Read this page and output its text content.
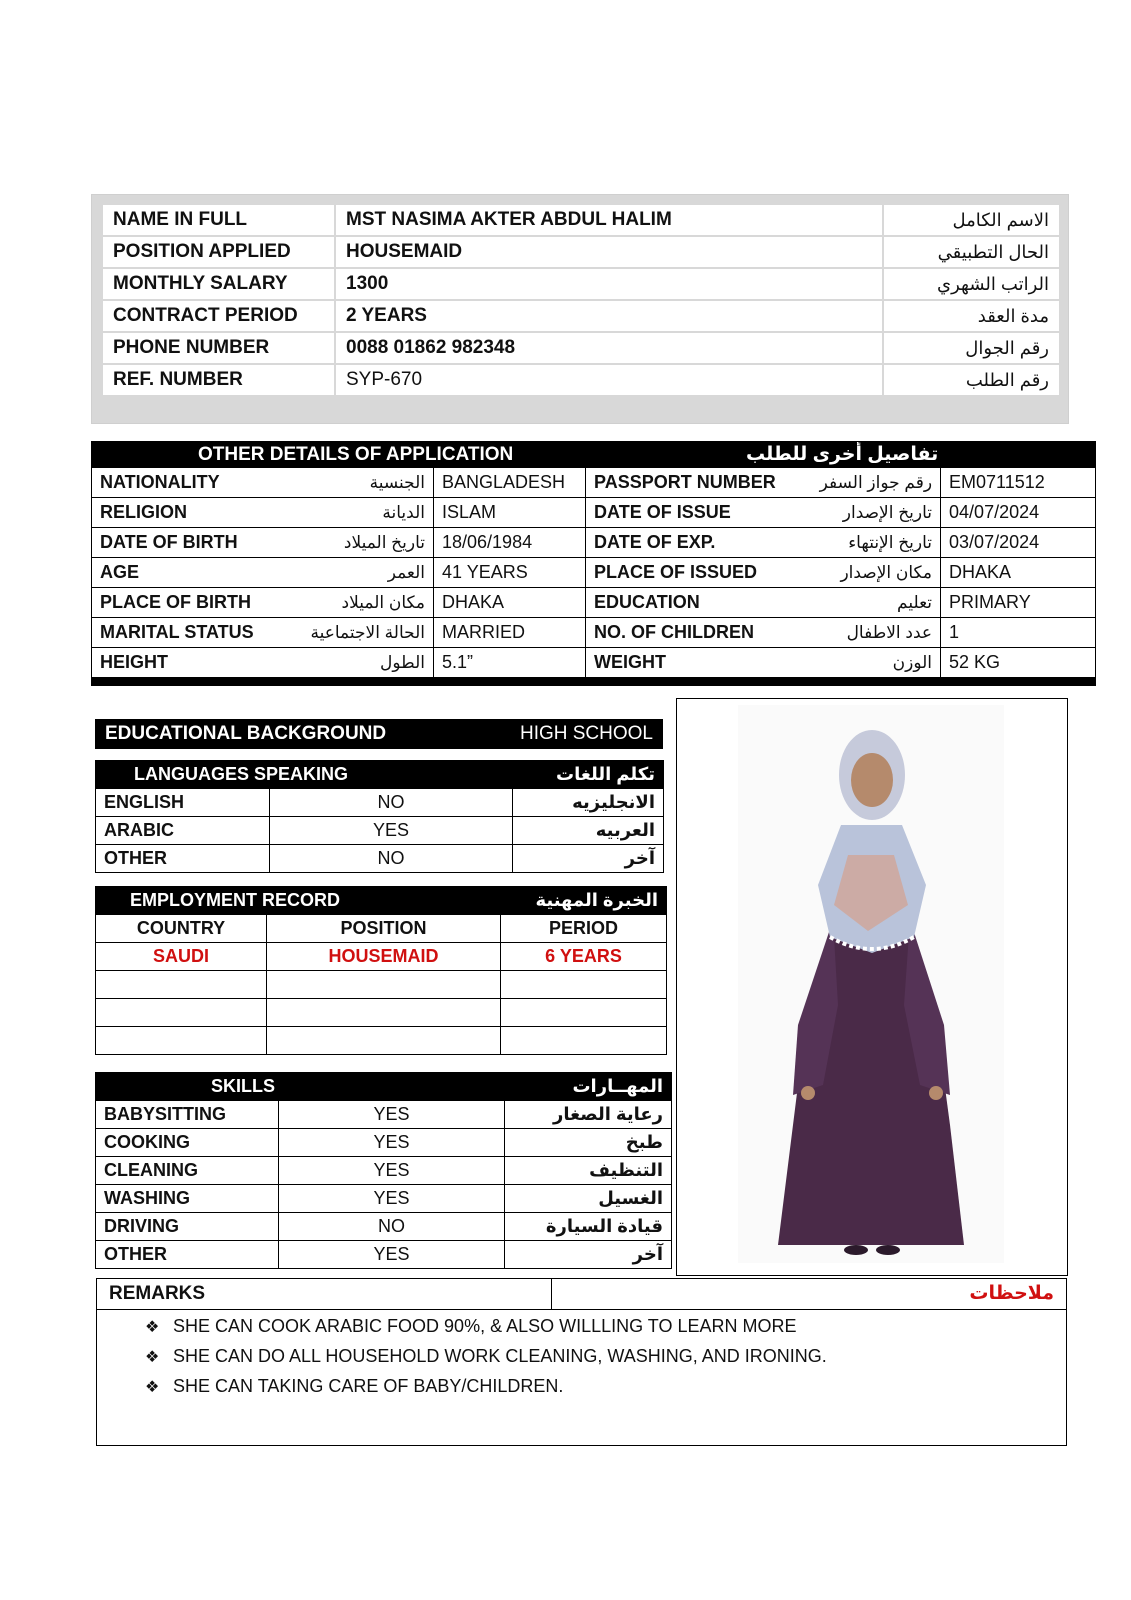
NAME IN FULL	MST NASIMA AKTER ABDUL HALIM	الاسم الكامل
POSITION APPLIED	HOUSEMAID	الحال التطبيقي
MONTHLY SALARY	1300	الراتب الشهري
CONTRACT PERIOD	2 YEARS	مدة العقد
PHONE NUMBER	0088 01862 982348	رقم الجوال
REF. NUMBER	SYP-670	رقم الطلب
OTHER DETAILS OF APPLICATION			تفاصيل أخرى للطلب		
NATIONALITY	الجنسية	BANGLADESH	PASSPORT NUMBER	رقم جواز السفر	EM0711512
RELIGION	الديانة	ISLAM	DATE OF ISSUE	تاريخ الإصدار	04/07/2024
DATE OF BIRTH	تاريخ الميلاد	18/06/1984	DATE OF EXP.	تاريخ الإنتهاء	03/07/2024
AGE	العمر	41 YEARS	PLACE OF ISSUED	مكان الإصدار	DHAKA
PLACE OF BIRTH	مكان الميلاد	DHAKA	EDUCATION	تعليم	PRIMARY
MARITAL STATUS	الحالة الاجتماعية	MARRIED	NO. OF CHILDREN	عدد الاطفال	1
HEIGHT	الطول	5.1”	WEIGHT	الوزن	52 KG

EDUCATIONAL BACKGROUND	HIGH SCHOOL
LANGUAGES SPEAKING		تكلم اللغات
ENGLISH	NO	الانجليزيه
ARABIC	YES	العربيه
OTHER	NO	آخر
EMPLOYMENT RECORD		الخبرة المهنية
COUNTRY	POSITION	PERIOD
SAUDI	HOUSEMAID	6 YEARS

SKILLS		المهــارات
BABYSITTING	YES	رعاية الصغار
COOKING	YES	طبخ
CLEANING	YES	التنظيف
WASHING	YES	الغسيل
DRIVING	NO	قيادة السيارة
OTHER	YES	آخر
REMARKS	ملاحظات
❖ SHE CAN COOK ARABIC FOOD 90%, & ALSO WILLLING TO LEARN MORE
❖ SHE CAN DO ALL HOUSEHOLD WORK CLEANING, WASHING, AND IRONING.
❖ SHE CAN TAKING CARE OF BABY/CHILDREN.
